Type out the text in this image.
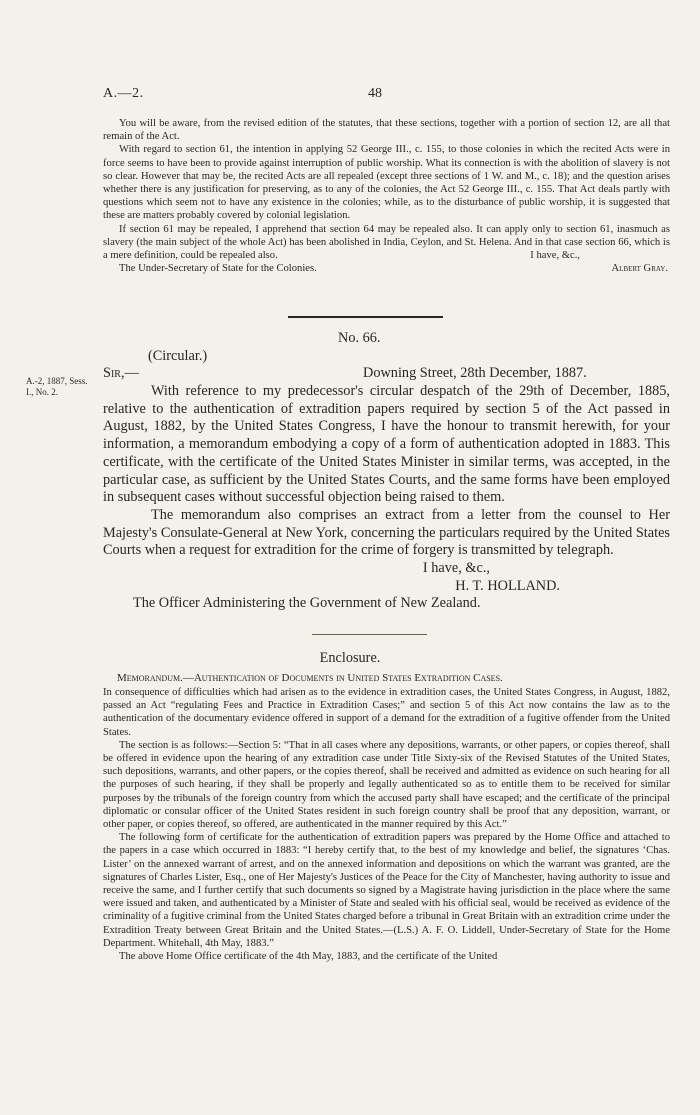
A.—2.	48

You will be aware, from the revised edition of the statutes, that these sections, together with a portion of section 12, are all that remain of the Act.

With regard to section 61, the intention in applying 52 George III., c. 155, to those colonies in which the recited Acts were in force seems to have been to provide against interruption of public worship. What its connection is with the abolition of slavery is not so clear. However that may be, the recited Acts are all repealed (except three sections of 1 W. and M., c. 18); and the question arises whether there is any justification for preserving, as to any of the colonies, the Act 52 George III., c. 155. That Act deals partly with questions which seem not to have any existence in the colonies; while, as to the disturbance of public worship, it is suggested that these are matters probably covered by colonial legislation.

If section 61 may be repealed, I apprehend that section 64 may be repealed also. It can apply only to section 61, inasmuch as slavery (the main subject of the whole Act) has been abolished in India, Ceylon, and St. Helena. And in that case section 66, which is a mere definition, could be repealed also.	I have, &c.,
The Under-Secretary of State for the Colonies.	Albert Gray.
No. 66.
(Circular.)
Sir,—	Downing Street, 28th December, 1887.
A.-2, 1887, Sess. I., No. 2.	With reference to my predecessor's circular despatch of the 29th of December, 1885, relative to the authentication of extradition papers required by section 5 of the Act passed in August, 1882, by the United States Congress, I have the honour to transmit herewith, for your information, a memorandum embodying a copy of a form of authentication adopted in 1883. This certificate, with the certificate of the United States Minister in similar terms, was accepted, in the particular case, as sufficient by the United States Courts, and the same forms have been employed in subsequent cases without successful objection being raised to them.

The memorandum also comprises an extract from a letter from the counsel to Her Majesty's Consulate-General at New York, concerning the particulars required by the United States Courts when a request for extradition for the crime of forgery is transmitted by telegraph.

I have, &c.,
H. T. HOLLAND.
The Officer Administering the Government of New Zealand.
Enclosure.
Memorandum.—Authentication of Documents in United States Extradition Cases.

In consequence of difficulties which had arisen as to the evidence in extradition cases, the United States Congress, in August, 1882, passed an Act “regulating Fees and Practice in Extradition Cases;” and section 5 of this Act now contains the law as to the authentication of the documentary evidence offered in support of a demand for the extradition of a fugitive offender from the United States.

The section is as follows:—Section 5: “That in all cases where any depositions, warrants, or other papers, or copies thereof, shall be offered in evidence upon the hearing of any extradition case under Title Sixty-six of the Revised Statutes of the United States, such depositions, warrants, and other papers, or the copies thereof, shall be received and admitted as evidence on such hearing for all the purposes of such hearing, if they shall be properly and legally authenticated so as to entitle them to be received for similar purposes by the tribunals of the foreign country from which the accused party shall have escaped; and the certificate of the principal diplomatic or consular officer of the United States resident in such foreign country shall be proof that any deposition, warrant, or other paper, or copies thereof, so offered, are authenticated in the manner required by this Act.”

The following form of certificate for the authentication of extradition papers was prepared by the Home Office and attached to the papers in a case which occurred in 1883: “I hereby certify that, to the best of my knowledge and belief, the signatures ‘Chas. Lister’ on the annexed warrant of arrest, and on the annexed information and depositions on which the warrant was granted, are the signatures of Charles Lister, Esq., one of Her Majesty's Justices of the Peace for the City of Manchester, having authority to issue and receive the same, and I further certify that such documents so signed by a Magistrate having jurisdiction in the place where the same were issued and taken, and authenticated by a Minister of State and sealed with his official seal, would be received as evidence of the criminality of a fugitive criminal from the United States charged before a tribunal in Great Britain with an extradition crime under the Extradition Treaty between Great Britain and the United States.—(L.S.) A. F. O. Liddell, Under-Secretary of State for the Home Department. Whitehall, 4th May, 1883.”

The above Home Office certificate of the 4th May, 1883, and the certificate of the United
